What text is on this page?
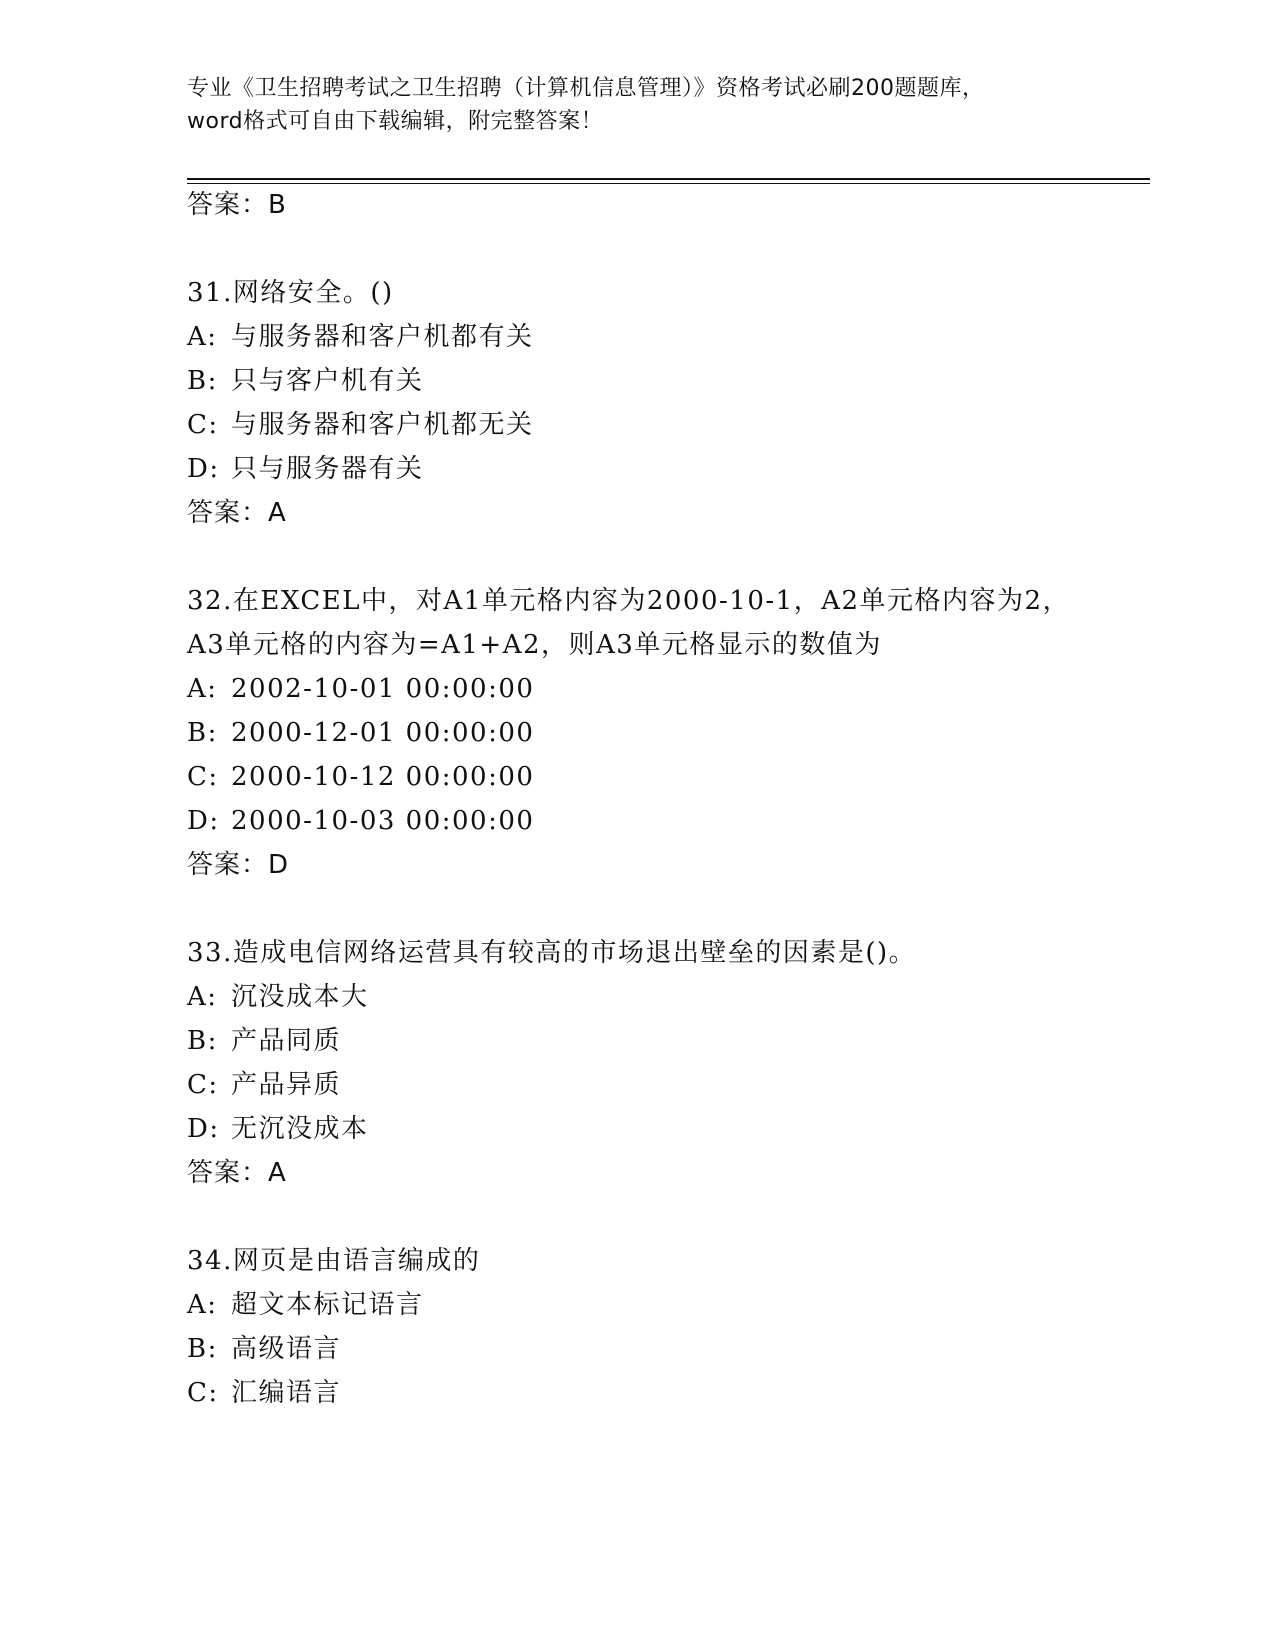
专业《卫生招聘考试之卫生招聘（计算机信息管理）》资格考试必刷200题题库，
word格式可自由下载编辑，附完整答案！
答案：B
31.网络安全。()
A: 与服务器和客户机都有关
B: 只与客户机有关
C: 与服务器和客户机都无关
D: 只与服务器有关
答案：A
32.在EXCEL中，对A1单元格内容为2000-10-1，A2单元格内容为2，
A3单元格的内容为=A1+A2，则A3单元格显示的数值为
A: 2002-10-01 00:00:00
B: 2000-12-01 00:00:00
C: 2000-10-12 00:00:00
D: 2000-10-03 00:00:00
答案：D
33.造成电信网络运营具有较高的市场退出壁垒的因素是()。
A: 沉没成本大
B: 产品同质
C: 产品异质
D: 无沉没成本
答案：A
34.网页是由语言编成的
A: 超文本标记语言
B: 高级语言
C: 汇编语言
